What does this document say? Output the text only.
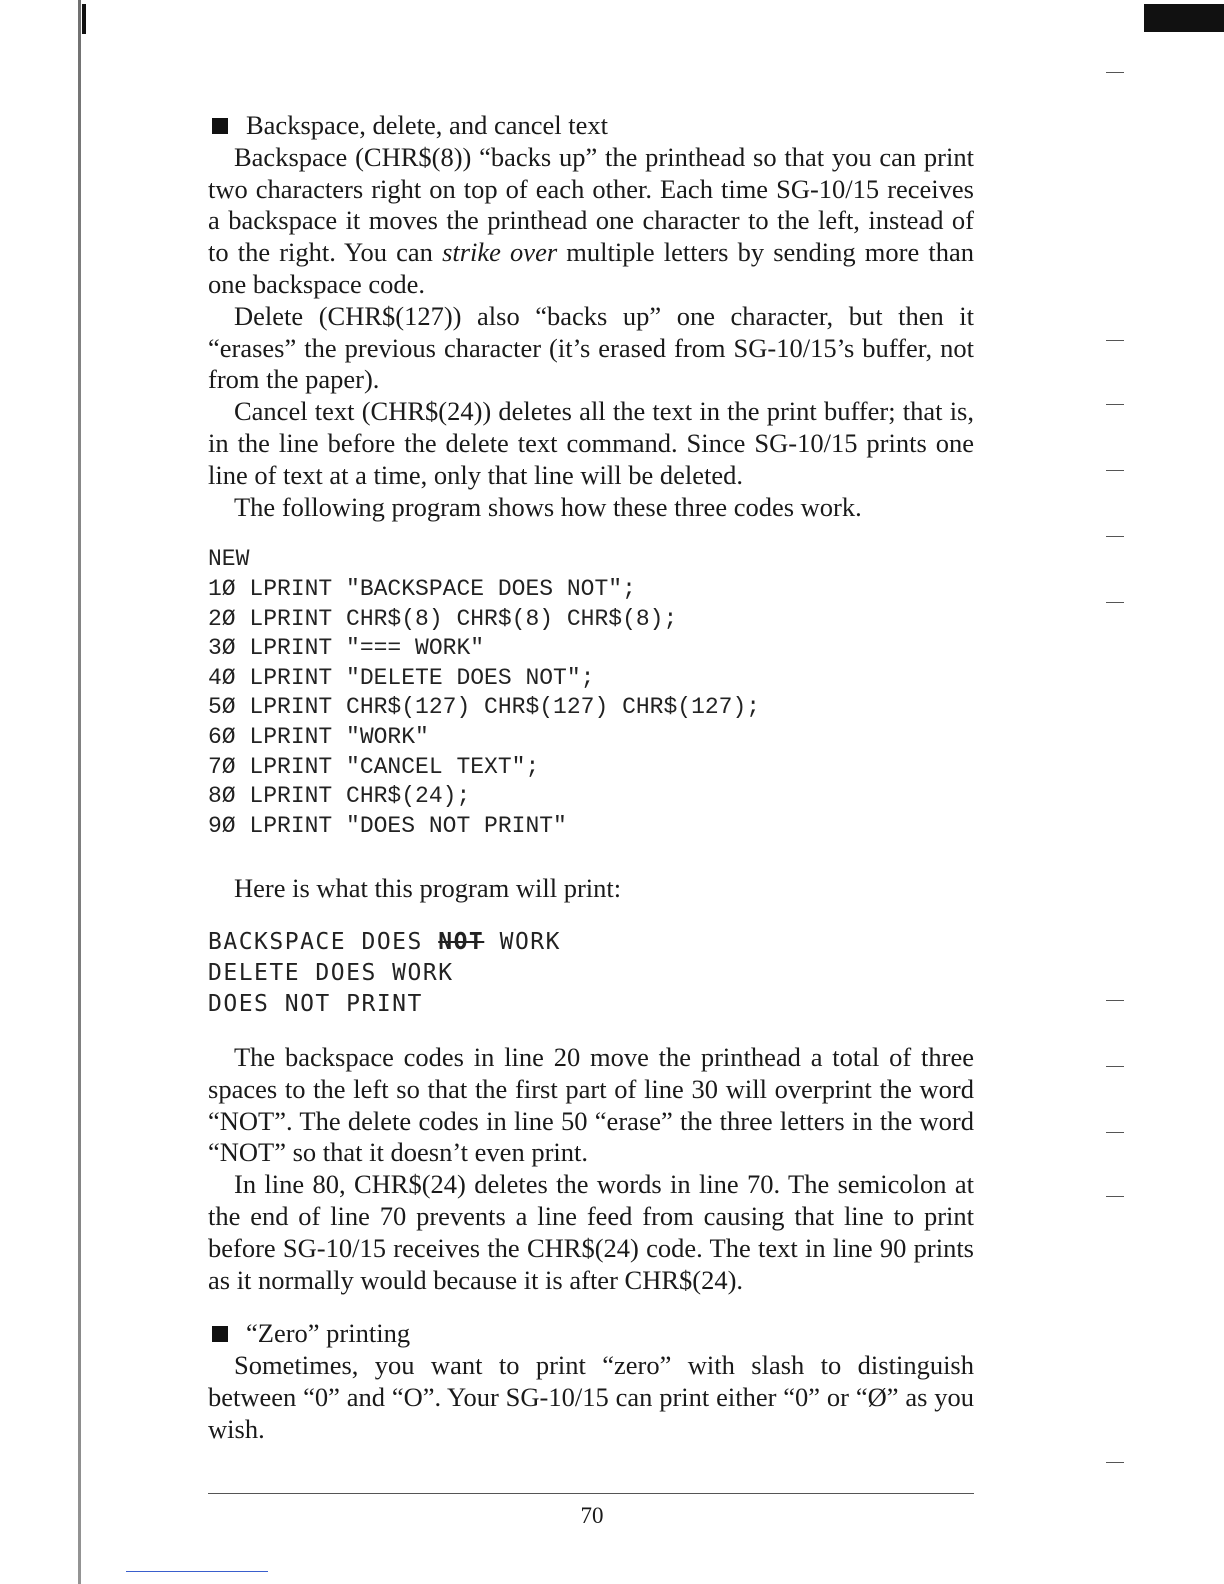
Backspace, delete, and cancel text

Backspace (CHR$(8)) “backs up” the printhead so that you can print two characters right on top of each other. Each time SG-10/15 receives a backspace it moves the printhead one character to the left, instead of to the right. You can strike over multiple letters by sending more than one backspace code.

Delete (CHR$(127)) also “backs up” one character, but then it “erases” the previous character (it’s erased from SG-10/15’s buffer, not from the paper).

Cancel text (CHR$(24)) deletes all the text in the print buffer; that is, in the line before the delete text command. Since SG-10/15 prints one line of text at a time, only that line will be deleted.

The following program shows how these three codes work.

NEW

1Ø LPRINT "BACKSPACE DOES NOT";

2Ø LPRINT CHR$(8) CHR$(8) CHR$(8);

3Ø LPRINT "=== WORK"

4Ø LPRINT "DELETE DOES NOT";

5Ø LPRINT CHR$(127) CHR$(127) CHR$(127);

6Ø LPRINT "WORK"

7Ø LPRINT "CANCEL TEXT";

8Ø LPRINT CHR$(24);

9Ø LPRINT "DOES NOT PRINT"

Here is what this program will print:

BACKSPACE DOES NOT WORK

DELETE DOES WORK

DOES NOT PRINT

The backspace codes in line 20 move the printhead a total of three spaces to the left so that the first part of line 30 will overprint the word “NOT”. The delete codes in line 50 “erase” the three letters in the word “NOT” so that it doesn’t even print.

In line 80, CHR$(24) deletes the words in line 70. The semicolon at the end of line 70 prevents a line feed from causing that line to print before SG-10/15 receives the CHR$(24) code. The text in line 90 prints as it normally would because it is after CHR$(24).

“Zero” printing

Sometimes, you want to print “zero” with slash to distinguish between “0” and “O”. Your SG-10/15 can print either “0” or “Ø” as you wish.

70
